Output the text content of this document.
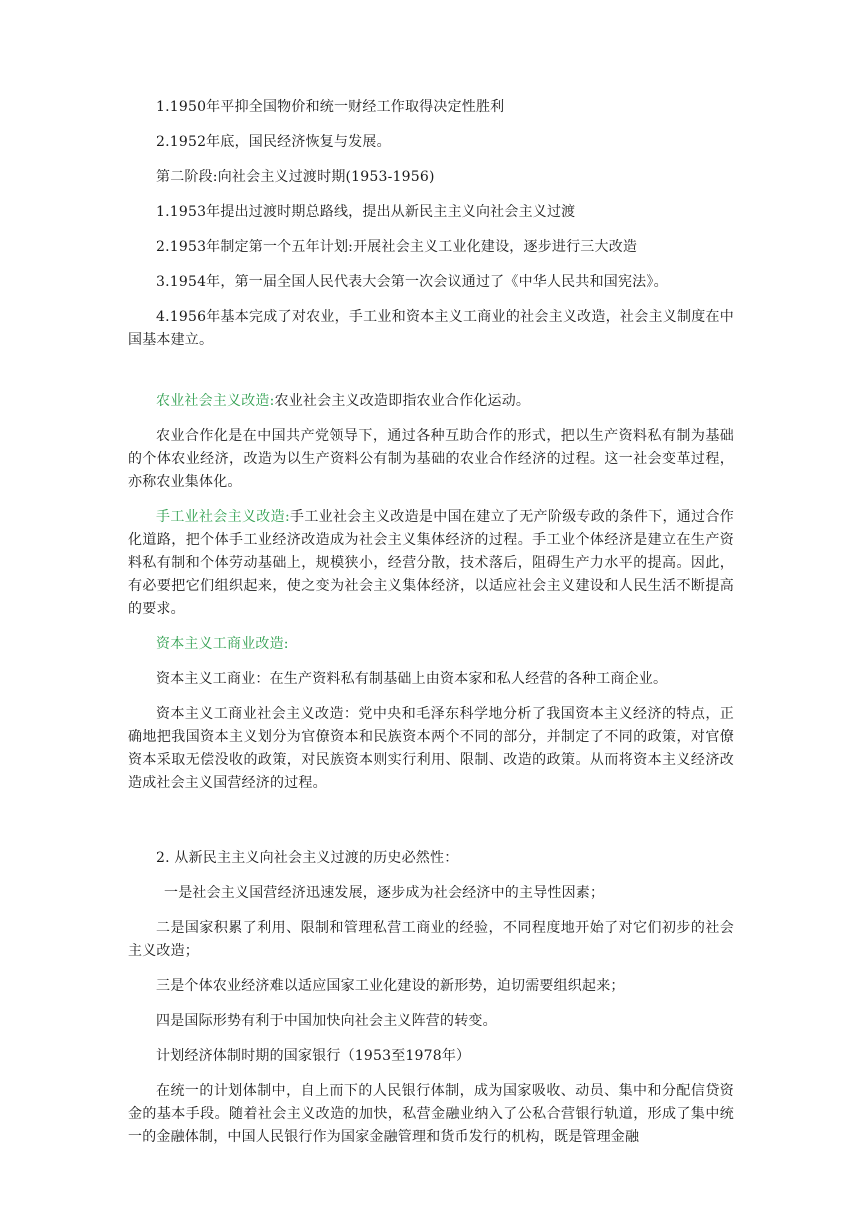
1.1950年平抑全国物价和统一财经工作取得决定性胜利

2.1952年底，国民经济恢复与发展。

第二阶段:向社会主义过渡时期(1953-1956)

1.1953年提出过渡时期总路线，提出从新民主主义向社会主义过渡

2.1953年制定第一个五年计划:开展社会主义工业化建设，逐步进行三大改造

3.1954年，第一届全国人民代表大会第一次会议通过了《中华人民共和国宪法》。

4.1956年基本完成了对农业，手工业和资本主义工商业的社会主义改造，社会主义制度在中国基本建立。

农业社会主义改造:农业社会主义改造即指农业合作化运动。

农业合作化是在中国共产党领导下，通过各种互助合作的形式，把以生产资料私有制为基础的个体农业经济，改造为以生产资料公有制为基础的农业合作经济的过程。这一社会变革过程，亦称农业集体化。

手工业社会主义改造:手工业社会主义改造是中国在建立了无产阶级专政的条件下，通过合作化道路，把个体手工业经济改造成为社会主义集体经济的过程。手工业个体经济是建立在生产资料私有制和个体劳动基础上，规模狭小，经营分散，技术落后，阻碍生产力水平的提高。因此，有必要把它们组织起来，使之变为社会主义集体经济，以适应社会主义建设和人民生活不断提高的要求。

资本主义工商业改造:

资本主义工商业：在生产资料私有制基础上由资本家和私人经营的各种工商企业。

资本主义工商业社会主义改造：党中央和毛泽东科学地分析了我国资本主义经济的特点，正确地把我国资本主义划分为官僚资本和民族资本两个不同的部分，并制定了不同的政策，对官僚资本采取无偿没收的政策，对民族资本则实行利用、限制、改造的政策。从而将资本主义经济改造成社会主义国营经济的过程。

2. 从新民主主义向社会主义过渡的历史必然性：

一是社会主义国营经济迅速发展，逐步成为社会经济中的主导性因素；

二是国家积累了利用、限制和管理私营工商业的经验，不同程度地开始了对它们初步的社会主义改造；

三是个体农业经济难以适应国家工业化建设的新形势，迫切需要组织起来；

四是国际形势有利于中国加快向社会主义阵营的转变。

计划经济体制时期的国家银行（1953至1978年）

在统一的计划体制中，自上而下的人民银行体制，成为国家吸收、动员、集中和分配信贷资金的基本手段。随着社会主义改造的加快，私营金融业纳入了公私合营银行轨道，形成了集中统一的金融体制，中国人民银行作为国家金融管理和货币发行的机构，既是管理金融
